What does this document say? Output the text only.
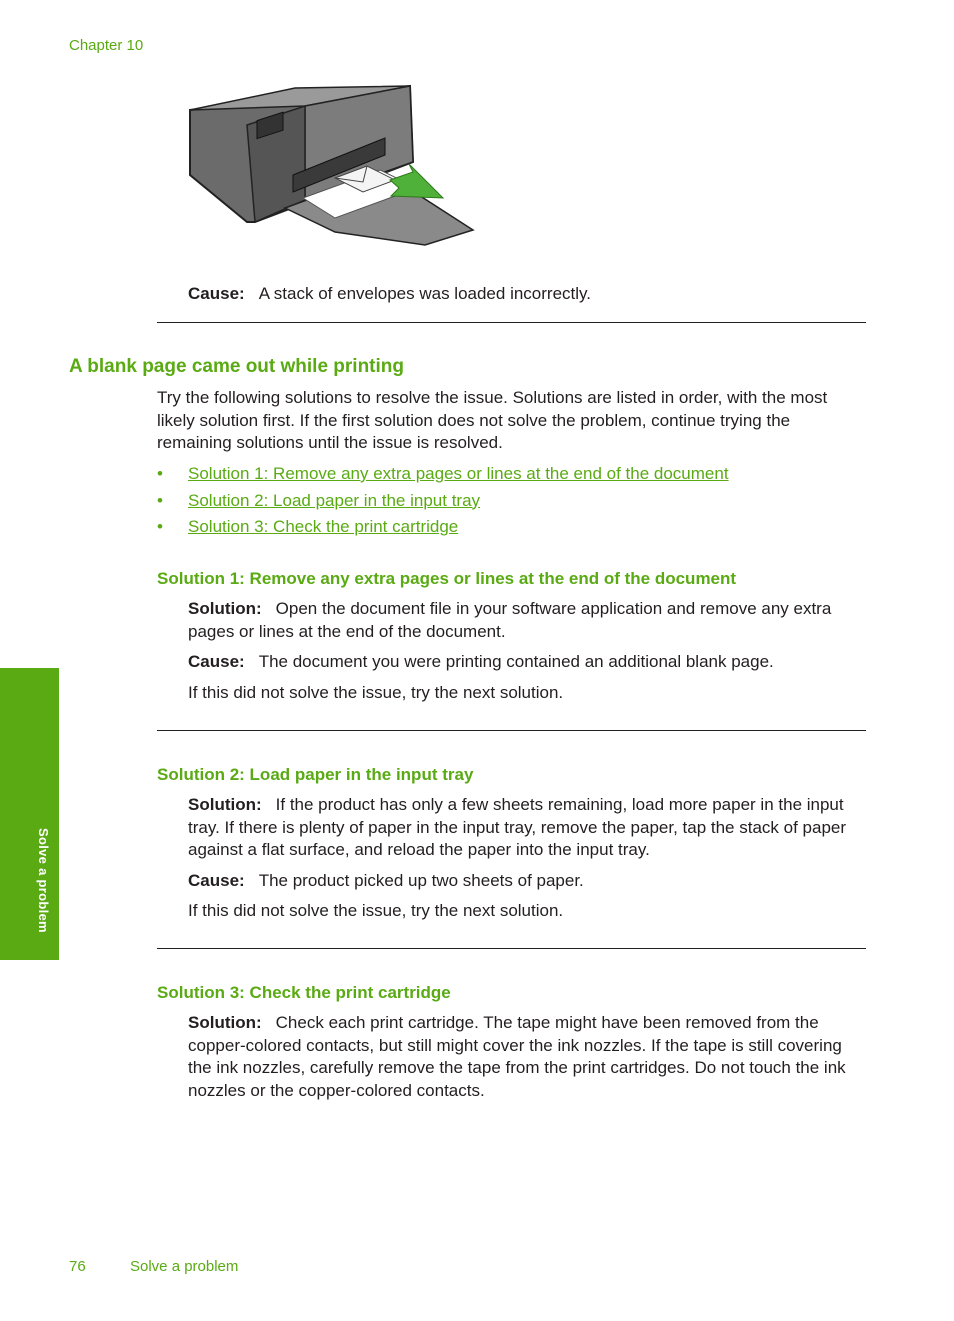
Chapter 10
Cause: A stack of envelopes was loaded incorrectly.
A blank page came out while printing
Try the following solutions to resolve the issue. Solutions are listed in order, with the most likely solution first. If the first solution does not solve the problem, continue trying the remaining solutions until the issue is resolved.
• Solution 1: Remove any extra pages or lines at the end of the document
• Solution 2: Load paper in the input tray
• Solution 3: Check the print cartridge
Solution 1: Remove any extra pages or lines at the end of the document

Solution: Open the document file in your software application and remove any extra pages or lines at the end of the document.

Cause: The document you were printing contained an additional blank page.

If this did not solve the issue, try the next solution.

Solution 2: Load paper in the input tray

Solution: If the product has only a few sheets remaining, load more paper in the input tray. If there is plenty of paper in the input tray, remove the paper, tap the stack of paper against a flat surface, and reload the paper into the input tray.

Cause: The product picked up two sheets of paper.

If this did not solve the issue, try the next solution.

Solution 3: Check the print cartridge

Solution: Check each print cartridge. The tape might have been removed from the copper-colored contacts, but still might cover the ink nozzles. If the tape is still covering the ink nozzles, carefully remove the tape from the print cartridges. Do not touch the ink nozzles or the copper-colored contacts.

Solve a problem
76	Solve a problem
